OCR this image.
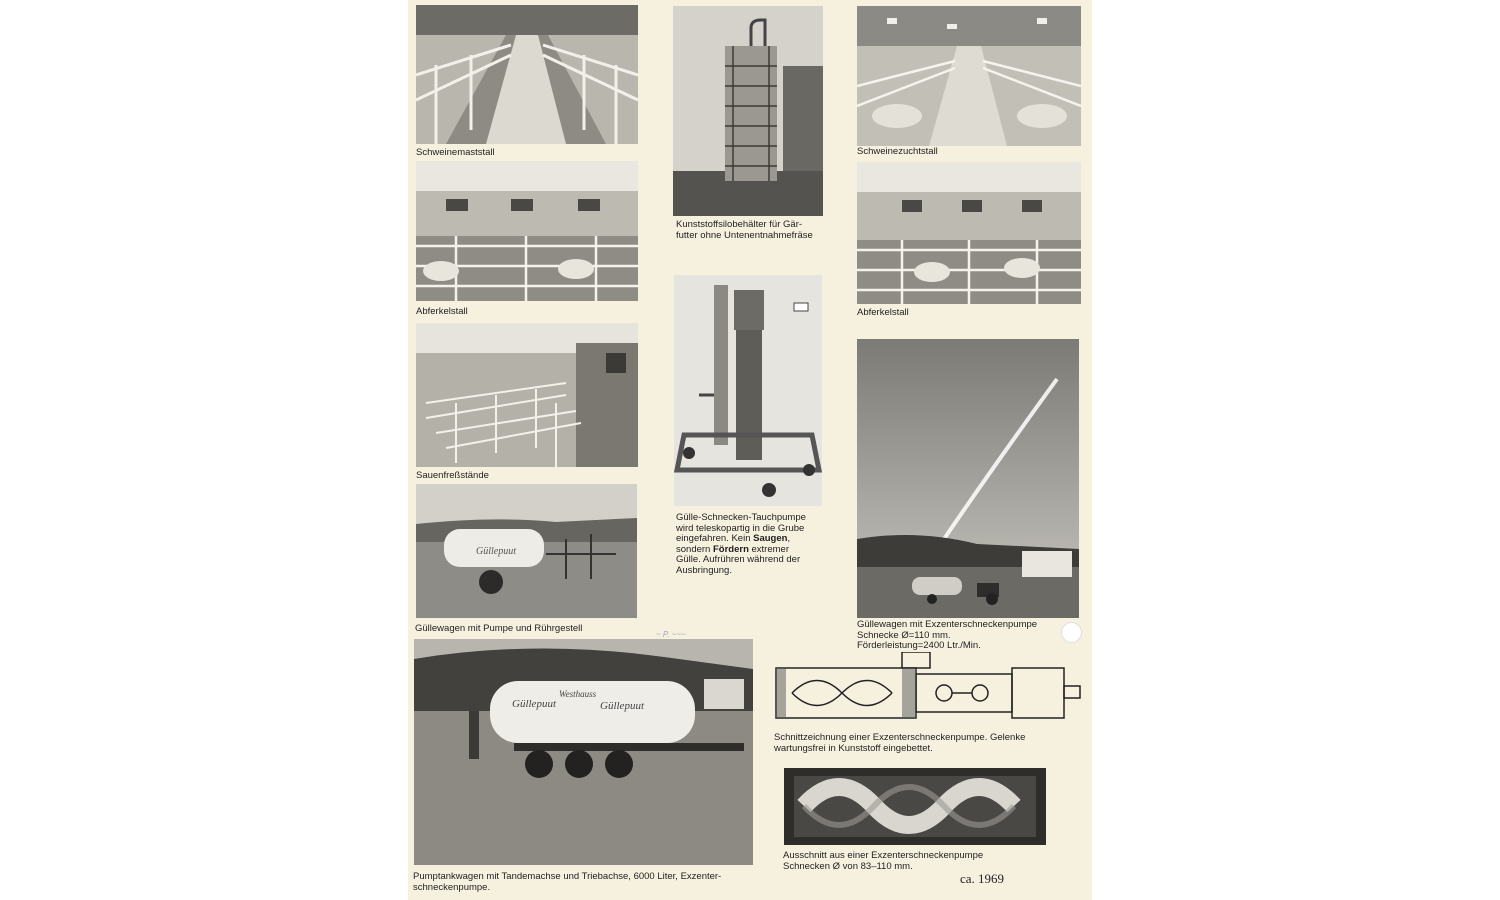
Schweinemaststall
Kunststoffsilobehälter für Gär-
futter ohne Untenentnahmefräse
Schweinezuchtstall
Abferkelstall	Abferkelstall
Gülle-Schnecken-Tauchpumpe
wird teleskopartig in die Grube
eingefahren. Kein Saugen,
sondern Fördern extremer
Gülle. Aufrühren während der
Ausbringung.
Sauenfreßstände
Güllewagen mit Exzenterschneckenpumpe
Schnecke Ø=110 mm.
Förderleistung=2400 Ltr./Min.
Güllepuut
Güllewagen mit Pumpe und Rührgestell
~ P. ~~~
Güllepuut
Westhauss
Güllepuut
Pumptankwagen mit Tandemachse und Triebachse, 6000 Liter, Exzenter-
schneckenpumpe.
Schnittzeichnung einer Exzenterschneckenpumpe. Gelenke
wartungsfrei in Kunststoff eingebettet.
Ausschnitt aus einer Exzenterschneckenpumpe
Schnecken Ø von 83–110 mm.
ca. 1969
